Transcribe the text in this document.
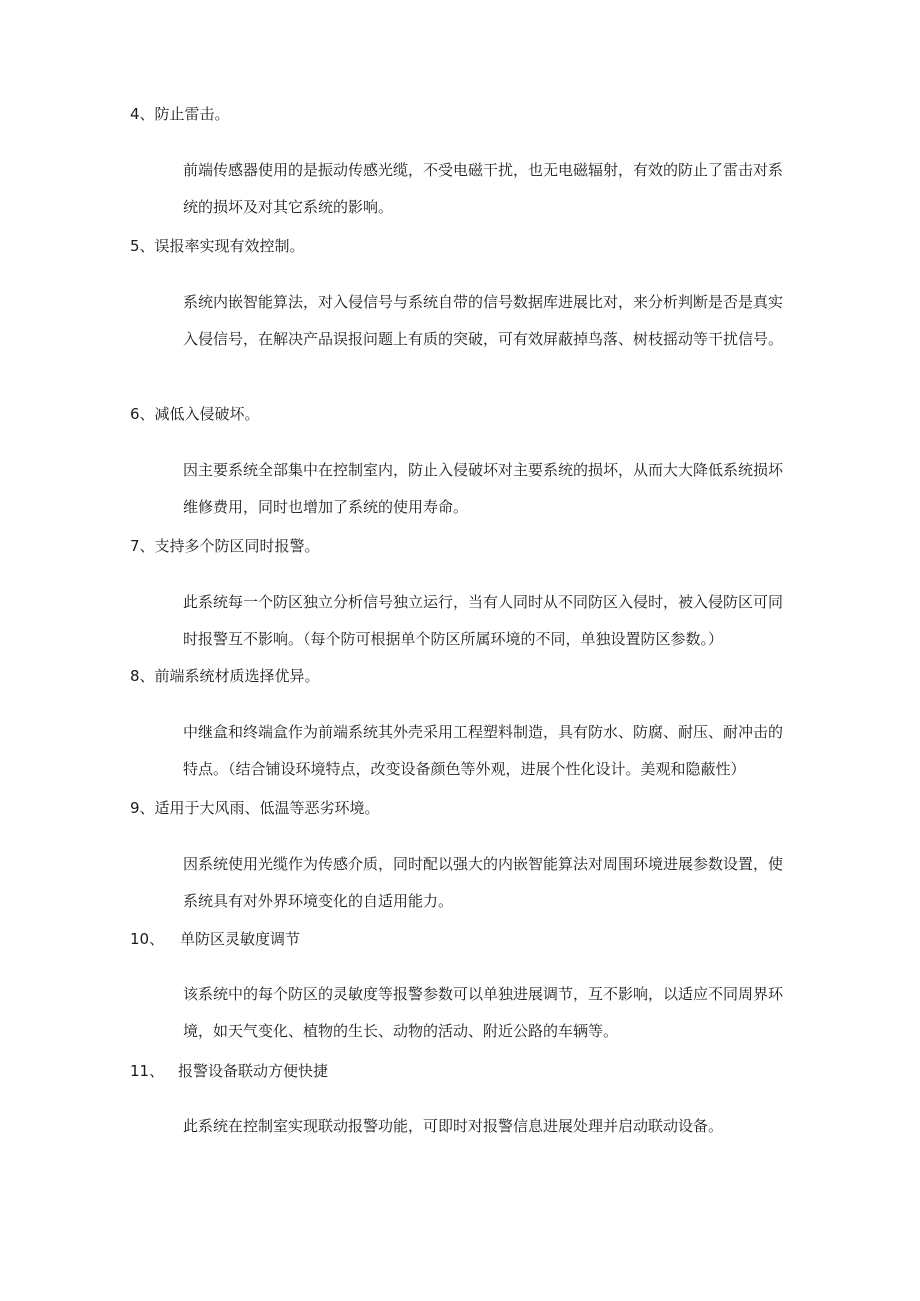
4、防止雷击。
前端传感器使用的是振动传感光缆，不受电磁干扰，也无电磁辐射，有效的防止了雷击对系统的损坏及对其它系统的影响。
5、误报率实现有效控制。
系统内嵌智能算法，对入侵信号与系统自带的信号数据库进展比对，来分析判断是否是真实入侵信号，在解决产品误报问题上有质的突破，可有效屏蔽掉鸟落、树枝摇动等干扰信号。
6、减低入侵破坏。
因主要系统全部集中在控制室内，防止入侵破坏对主要系统的损坏，从而大大降低系统损坏维修费用，同时也增加了系统的使用寿命。
7、支持多个防区同时报警。
此系统每一个防区独立分析信号独立运行，当有人同时从不同防区入侵时，被入侵防区可同时报警互不影响。（每个防可根据单个防区所属环境的不同，单独设置防区参数。）
8、前端系统材质选择优异。
中继盒和终端盒作为前端系统其外壳采用工程塑料制造，具有防水、防腐、耐压、耐冲击的特点。（结合铺设环境特点，改变设备颜色等外观，进展个性化设计。美观和隐蔽性）
9、适用于大风雨、低温等恶劣环境。
因系统使用光缆作为传感介质，同时配以强大的内嵌智能算法对周围环境进展参数设置，使系统具有对外界环境变化的自适用能力。
10、 单防区灵敏度调节
该系统中的每个防区的灵敏度等报警参数可以单独进展调节，互不影响，以适应不同周界环境，如天气变化、植物的生长、动物的活动、附近公路的车辆等。
11、 报警设备联动方便快捷
此系统在控制室实现联动报警功能，可即时对报警信息进展处理并启动联动设备。
